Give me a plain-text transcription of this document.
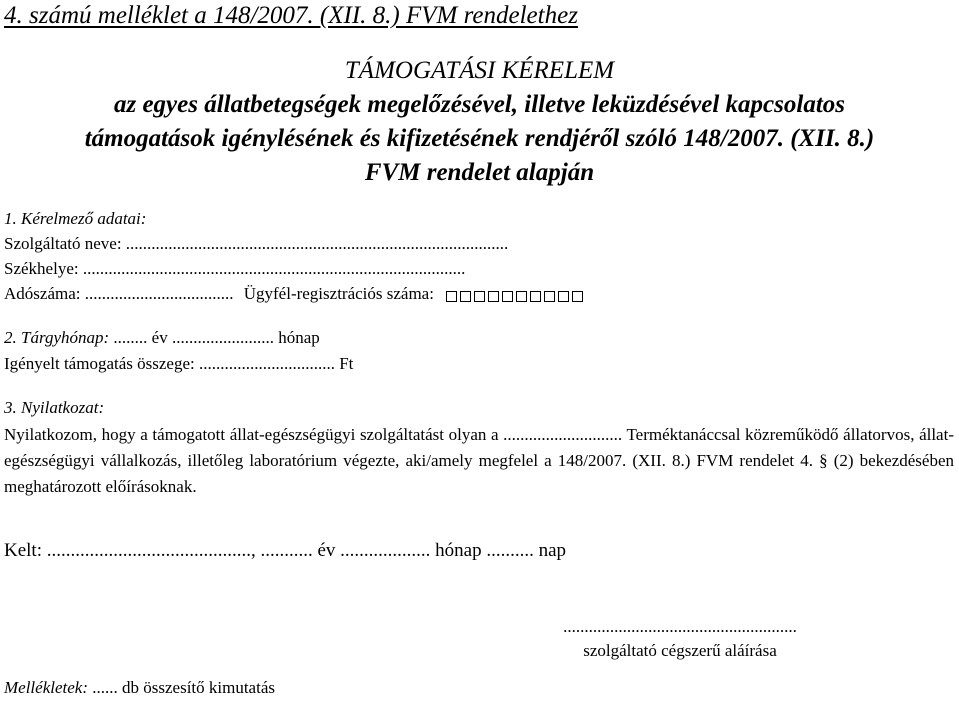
4. számú melléklet a 148/2007. (XII. 8.) FVM rendelethez
TÁMOGATÁSI KÉRELEM
az egyes állatbetegségek megelőzésével, illetve leküzdésével kapcsolatos
támogatások igénylésének és kifizetésének rendjéről szóló 148/2007. (XII. 8.)
FVM rendelet alapján
1. Kérelmező adatai:
Szolgáltató neve: ..........................................................................................
Székhelye: ..........................................................................................
Adószáma: ................................... Ügyfél-regisztrációs száma:
2. Tárgyhónap: ........ év ........................ hónap
Igényelt támogatás összege: ................................ Ft
3. Nyilatkozat:
Nyilatkozom, hogy a támogatott állat-egészségügyi szolgáltatást olyan a ............................ Terméktanáccsal közreműködő állatorvos, állat-egészségügyi vállalkozás, illetőleg laboratórium végezte, aki/amely megfelel a 148/2007. (XII. 8.) FVM rendelet 4. § (2) bekezdésében meghatározott előírásoknak.
Kelt: ..........................................., ........... év ................... hónap .......... nap
.......................................................
szolgáltató cégszerű aláírása
Mellékletek: ...... db összesítő kimutatás
